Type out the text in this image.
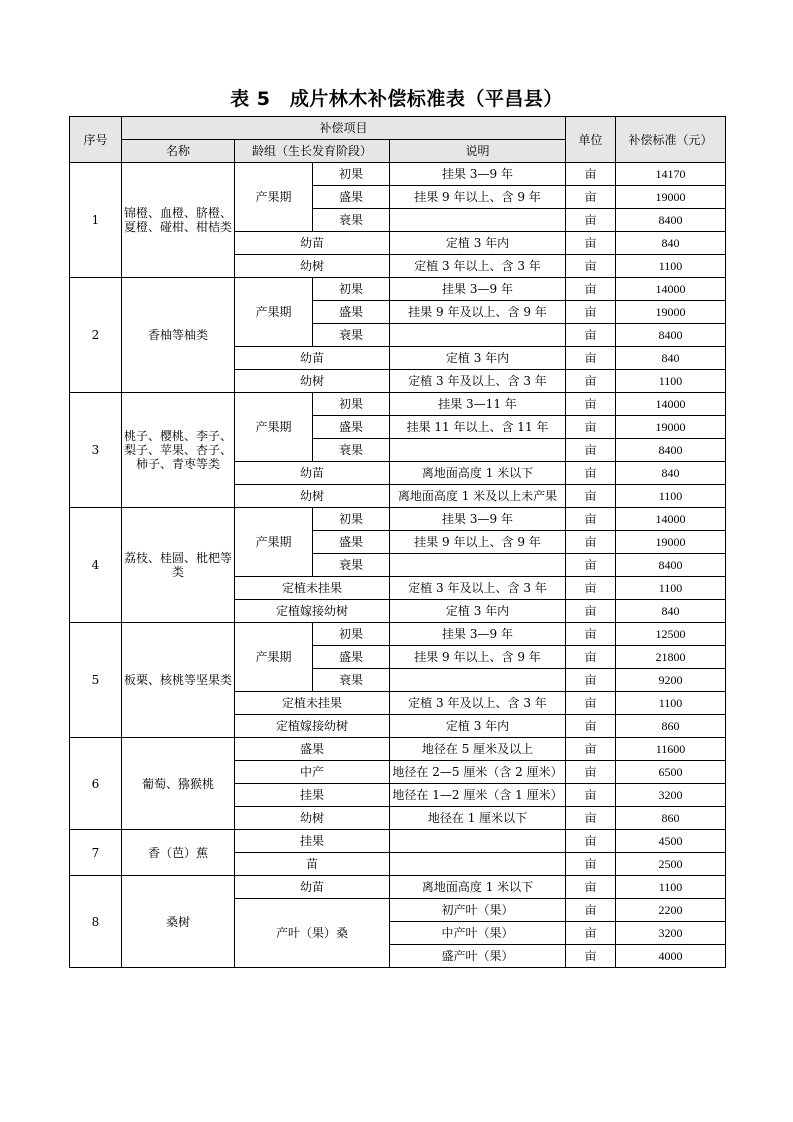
表 5　成片林木补偿标准表（平昌县）
序号	补偿项目				单位	补偿标准（元）
	名称	龄组（生长发育阶段）		说明		
1	锦橙、血橙、脐橙、夏橙、碰柑、柑桔类	产果期	初果	挂果 3—9 年	亩	14170
			盛果	挂果 9 年以上、含 9 年	亩	19000
			衰果		亩	8400
		幼苗		定植 3 年内	亩	840
		幼树		定植 3 年以上、含 3 年	亩	1100
2	香柚等柚类	产果期	初果	挂果 3—9 年	亩	14000
			盛果	挂果 9 年及以上、含 9 年	亩	19000
			衰果		亩	8400
		幼苗		定植 3 年内	亩	840
		幼树		定植 3 年及以上、含 3 年	亩	1100
3	桃子、樱桃、李子、梨子、苹果、杏子、柿子、青枣等类	产果期	初果	挂果 3—11 年	亩	14000
			盛果	挂果 11 年以上、含 11 年	亩	19000
			衰果		亩	8400
		幼苗		离地面高度 1 米以下	亩	840
		幼树		离地面高度 1 米及以上未产果	亩	1100
4	荔枝、桂圆、枇杷等类	产果期	初果	挂果 3—9 年	亩	14000
			盛果	挂果 9 年以上、含 9 年	亩	19000
			衰果		亩	8400
		定植未挂果		定植 3 年及以上、含 3 年	亩	1100
		定植嫁接幼树		定植 3 年内	亩	840
5	板栗、核桃等坚果类	产果期	初果	挂果 3—9 年	亩	12500
			盛果	挂果 9 年以上、含 9 年	亩	21800
			衰果		亩	9200
		定植未挂果		定植 3 年及以上、含 3 年	亩	1100
		定植嫁接幼树		定植 3 年内	亩	860
6	葡萄、猕猴桃	盛果		地径在 5 厘米及以上	亩	11600
		中产		地径在 2—5 厘米（含 2 厘米）	亩	6500
		挂果		地径在 1—2 厘米（含 1 厘米）	亩	3200
		幼树		地径在 1 厘米以下	亩	860
7	香（芭）蕉	挂果			亩	4500
		苗			亩	2500
8	桑树	幼苗		离地面高度 1 米以下	亩	1100
		产叶（果）桑		初产叶（果）	亩	2200
				中产叶（果）	亩	3200
				盛产叶（果）	亩	4000
